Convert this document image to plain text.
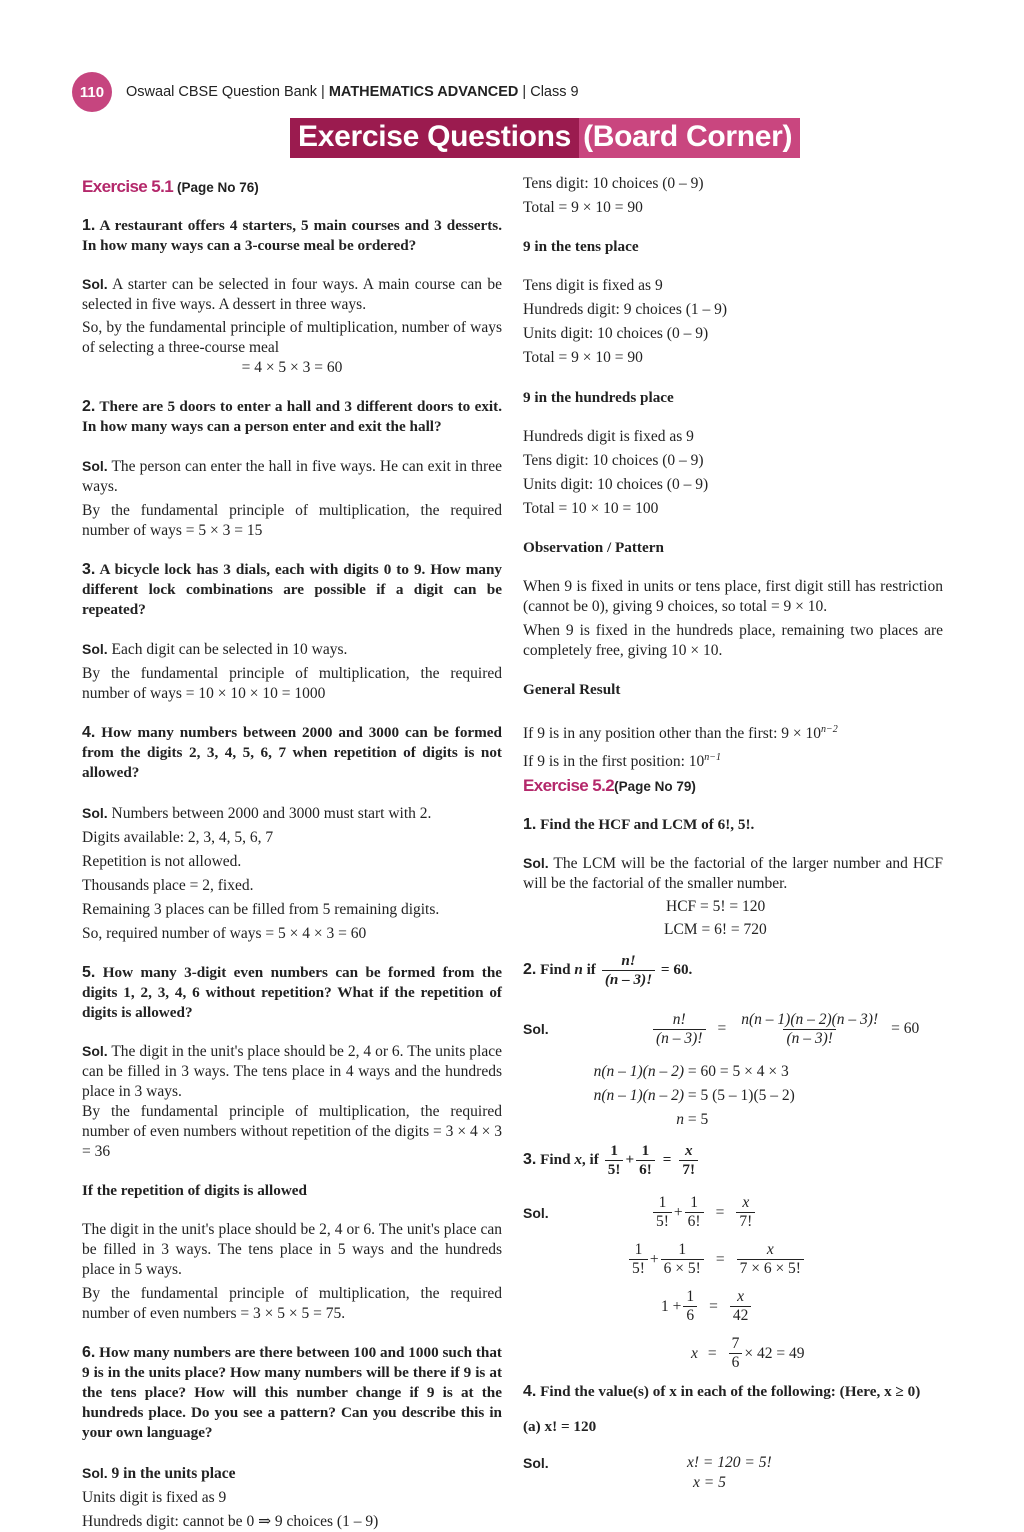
110	Oswaal CBSE Question Bank | MATHEMATICS ADVANCED | Class 9
Exercise Questions (Board Corner)
Exercise 5.1 (Page No 76)

1. A restaurant offers 4 starters, 5 main courses and 3 desserts. In how many ways can a 3-course meal be ordered?

Sol. A starter can be selected in four ways. A main course can be selected in five ways. A dessert in three ways.

So, by the fundamental principle of multiplication, number of ways of selecting a three-course meal

= 4 × 5 × 3 = 60

2. There are 5 doors to enter a hall and 3 different doors to exit. In how many ways can a person enter and exit the hall?

Sol. The person can enter the hall in five ways. He can exit in three ways.

By the fundamental principle of multiplication, the required number of ways = 5 × 3 = 15

3. A bicycle lock has 3 dials, each with digits 0 to 9. How many different lock combinations are possible if a digit can be repeated?

Sol. Each digit can be selected in 10 ways.

By the fundamental principle of multiplication, the required number of ways = 10 × 10 × 10 = 1000

4. How many numbers between 2000 and 3000 can be formed from the digits 2, 3, 4, 5, 6, 7 when repetition of digits is not allowed?

Sol. Numbers between 2000 and 3000 must start with 2.

Digits available: 2, 3, 4, 5, 6, 7

Repetition is not allowed.

Thousands place = 2, fixed.

Remaining 3 places can be filled from 5 remaining digits.

So, required number of ways = 5 × 4 × 3 = 60

5. How many 3-digit even numbers can be formed from the digits 1, 2, 3, 4, 6 without repetition? What if the repetition of digits is allowed?

Sol. The digit in the unit's place should be 2, 4 or 6. The units place can be filled in 3 ways. The tens place in 4 ways and the hundreds place in 3 ways.

By the fundamental principle of multiplication, the required number of even numbers without repetition of the digits = 3 × 4 × 3 = 36

If the repetition of digits is allowed

The digit in the unit's place should be 2, 4 or 6. The unit's place can be filled in 3 ways. The tens place in 5 ways and the hundreds place in 5 ways.

By the fundamental principle of multiplication, the required number of even numbers = 3 × 5 × 5 = 75.

6. How many numbers are there between 100 and 1000 such that 9 is in the units place? How many numbers will be there if 9 is at the tens place? How will this number change if 9 is at the hundreds place. Do you see a pattern? Can you describe this in your own language?

Sol. 9 in the units place

Units digit is fixed as 9

Hundreds digit: cannot be 0 ⇒ 9 choices (1 – 9)

Tens digit: 10 choices (0 – 9)

Total = 9 × 10 = 90

9 in the tens place

Tens digit is fixed as 9

Hundreds digit: 9 choices (1 – 9)

Units digit: 10 choices (0 – 9)

Total = 9 × 10 = 90

9 in the hundreds place

Hundreds digit is fixed as 9

Tens digit: 10 choices (0 – 9)

Units digit: 10 choices (0 – 9)

Total = 10 × 10 = 100

Observation / Pattern

When 9 is fixed in units or tens place, first digit still has restriction (cannot be 0), giving 9 choices, so total = 9 × 10.

When 9 is fixed in the hundreds place, remaining two places are completely free, giving 10 × 10.

General Result

If 9 is in any position other than the first: $9 \times 10^{n-2}$

If 9 is in the first position: $10^{n-1}$

Exercise 5.2(Page No 79)

1. Find the HCF and LCM of 6!, 5!.

Sol. The LCM will be the factorial of the larger number and HCF will be the factorial of the smaller number.

HCF = 5! = 120

LCM = 6! = 720

2.
Find
n
if $\frac{n!}{(n - 3)!}$
= 60.
Sol.	$\frac{n!}{(n - 3)!} = \frac{n(n - 1)(n - 2)(n - 3)!}{(n - 3)!} = 60$
n(n – 1)(n – 2)
= 60 = 5 × 4 × 3
n(n – 1)(n – 2)
= 5 (5 – 1)(5 – 2)
n
= 5
3.
Find
x , if $\frac{1}{5!} + \frac{1}{6!} = \frac{x}{7!}$
Sol.	$\frac{1}{5!} + \frac{1}{6!} = \frac{x}{7!}$
$\frac{1}{5!} + \frac{1}{6 \times 5!} = \frac{x}{7 \times 6 \times 5!}$
$1 + \frac{1}{6} = \frac{x}{42}$
$x = \frac{7}{6} \times 42 = 49$

4. Find the value(s) of x in each of the following: (Here, x ≥ 0)

(a) x! = 120

Sol.	x! = 120 = 5!
x = 5
